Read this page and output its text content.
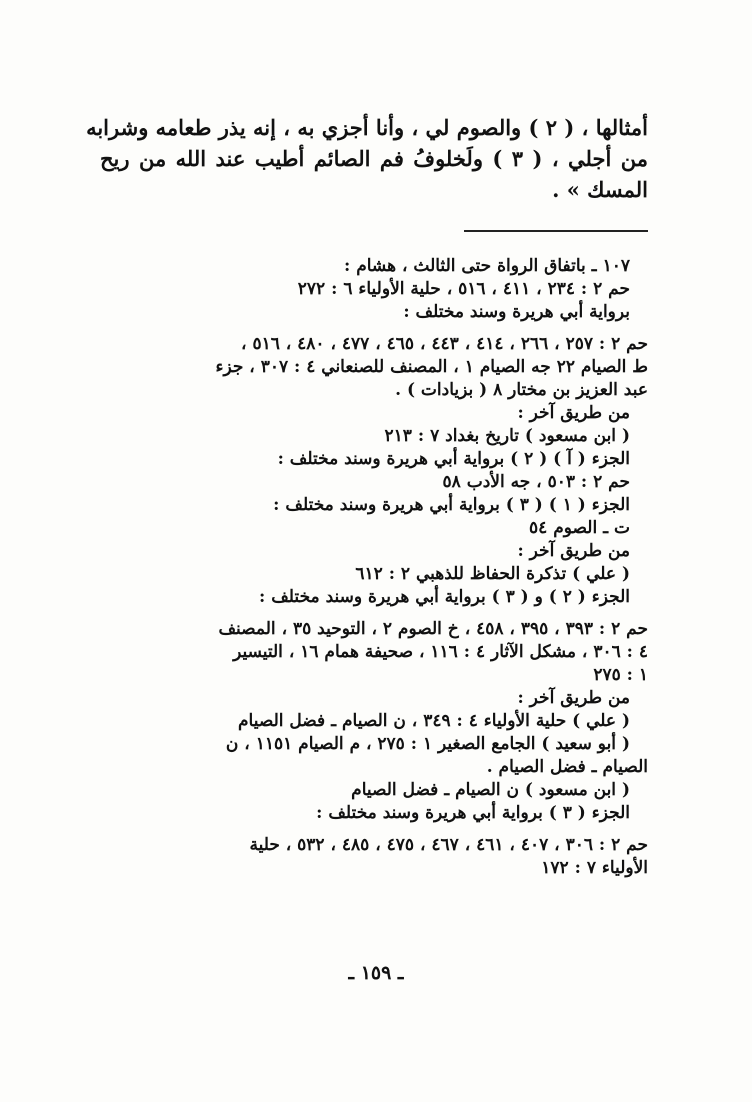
أمثالها ، ( ٢ ) والصوم لي ، وأنا أجزي به ، إنه يذر طعامه وشرابه
من أجلي ، ( ٣ ) ولَخلوفُ فم الصائم أطيب عند الله من ريح
المسك » .
١٠٧ ـ باتفاق الرواة حتى الثالث ، هشام :
حم ٢ : ٢٣٤ ، ٤١١ ، ٥١٦ ، حلية الأولياء ٦ : ٢٧٢
برواية أبي هريرة وسند مختلف :
حم ٢ : ٢٥٧ ، ٢٦٦ ، ٤١٤ ، ٤٤٣ ، ٤٦٥ ، ٤٧٧ ، ٤٨٠ ، ٥١٦ ،
ط الصيام ٢٢ جه الصيام ١ ، المصنف للصنعاني ٤ : ٣٠٧ ، جزء
عبد العزيز بن مختار ٨ ( بزيادات ) .
من طريق آخر :
( ابن مسعود ) تاريخ بغداد ٧ : ٢١٣
الجزء ( آ ) ( ٢ ) برواية أبي هريرة وسند مختلف :
حم ٢ : ٥٠٣ ، جه الأدب ٥٨
الجزء ( ١ ) ( ٣ ) برواية أبي هريرة وسند مختلف :
ت ـ الصوم ٥٤
من طريق آخر :
( علي ) تذكرة الحفاظ للذهبي ٢ : ٦١٢
الجزء ( ٢ ) و ( ٣ ) برواية أبي هريرة وسند مختلف :
حم ٢ : ٣٩٣ ، ٣٩٥ ، ٤٥٨ ، خ الصوم ٢ ، التوحيد ٣٥ ، المصنف
٤ : ٣٠٦ ، مشكل الآثار ٤ : ١١٦ ، صحيفة همام ١٦ ، التيسير
١ : ٢٧٥
من طريق آخر :
( علي ) حلية الأولياء ٤ : ٣٤٩ ، ن الصيام ـ فضل الصيام
( أبو سعيد ) الجامع الصغير ١ : ٢٧٥ ، م الصيام ١١٥١ ، ن
الصيام ـ فضل الصيام .
( ابن مسعود ) ن الصيام ـ فضل الصيام
الجزء ( ٣ ) برواية أبي هريرة وسند مختلف :
حم ٢ : ٣٠٦ ، ٤٠٧ ، ٤٦١ ، ٤٦٧ ، ٤٧٥ ، ٤٨٥ ، ٥٣٢ ، حلية
الأولياء ٧ : ١٧٢
ـ ١٥٩ ـ
